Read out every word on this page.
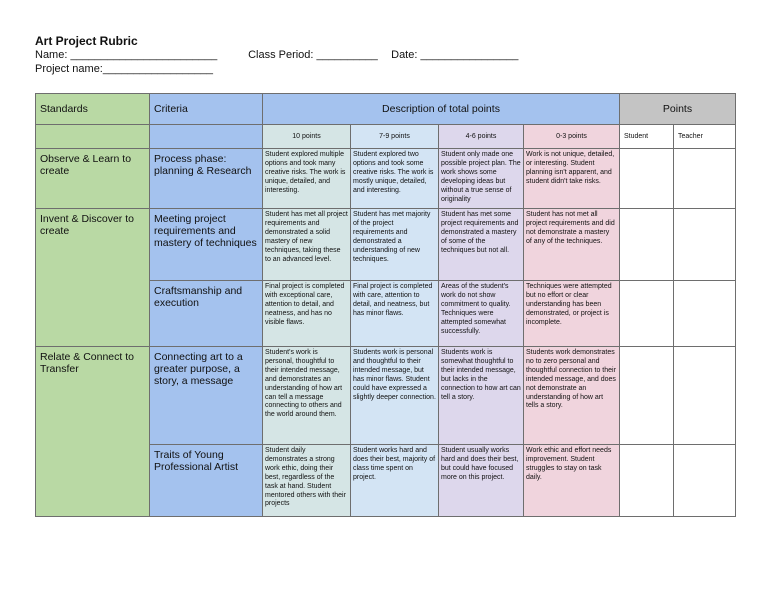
Art Project Rubric
Name: ________________________	Class Period: __________ Date: ________________
Project name:__________________
Standards	Criteria	Description of total points				Points	
		10 points	7-9 points	4-6 points	0-3 points	Student	Teacher
Observe & Learn to create	Process phase: planning & Research	Student explored multiple options and took many creative risks. The work is unique, detailed, and interesting.	Student explored two options and took some creative risks. The work is mostly unique, detailed, and interesting.	Student only made one possible project plan. The work shows some developing ideas but without a true sense of originality	Work is not unique, detailed, or interesting. Student planning isn't apparent, and student didn't take risks.		
Invent & Discover to create	Meeting project requirements and mastery of techniques	Student has met all project requirements and demonstrated a solid mastery of new techniques, taking these to an advanced level.	Student has met majority of the project requirements and demonstrated a understanding of new techniques.	Student has met some project requirements and demonstrated a mastery of some of the techniques but not all.	Student has not met all project requirements and did not demonstrate a mastery of any of the techniques.		
	Craftsmanship and execution	Final project is completed with exceptional care, attention to detail, and neatness, and has no visible flaws.	Final project is completed with care, attention to detail, and neatness, but has minor flaws.	Areas of the student's work do not show commitment to quality. Techniques were attempted somewhat successfully.	Techniques were attempted but no effort or clear understanding has been demonstrated, or project is incomplete.		
Relate & Connect to Transfer	Connecting art to a greater purpose, a story, a message	Student's work is personal, thoughtful to their intended message, and demonstrates an understanding of how art can tell a message connecting to others and the world around them.	Students work is personal and thoughtful to their intended message, but has minor flaws. Student could have expressed a slightly deeper connection.	Students work is somewhat thoughtful to their intended message, but lacks in the connection to how art can tell a story.	Students work demonstrates no to zero personal and thoughtful connection to their intended message, and does not demonstrate an understanding of how art tells a story.		
	Traits of Young Professional Artist	Student daily demonstrates a strong work ethic, doing their best, regardless of the task at hand. Student mentored others with their projects	Student works hard and does their best, majority of class time spent on project.	Student usually works hard and does their best, but could have focused more on this project.	Work ethic and effort needs improvement. Student struggles to stay on task daily.		
